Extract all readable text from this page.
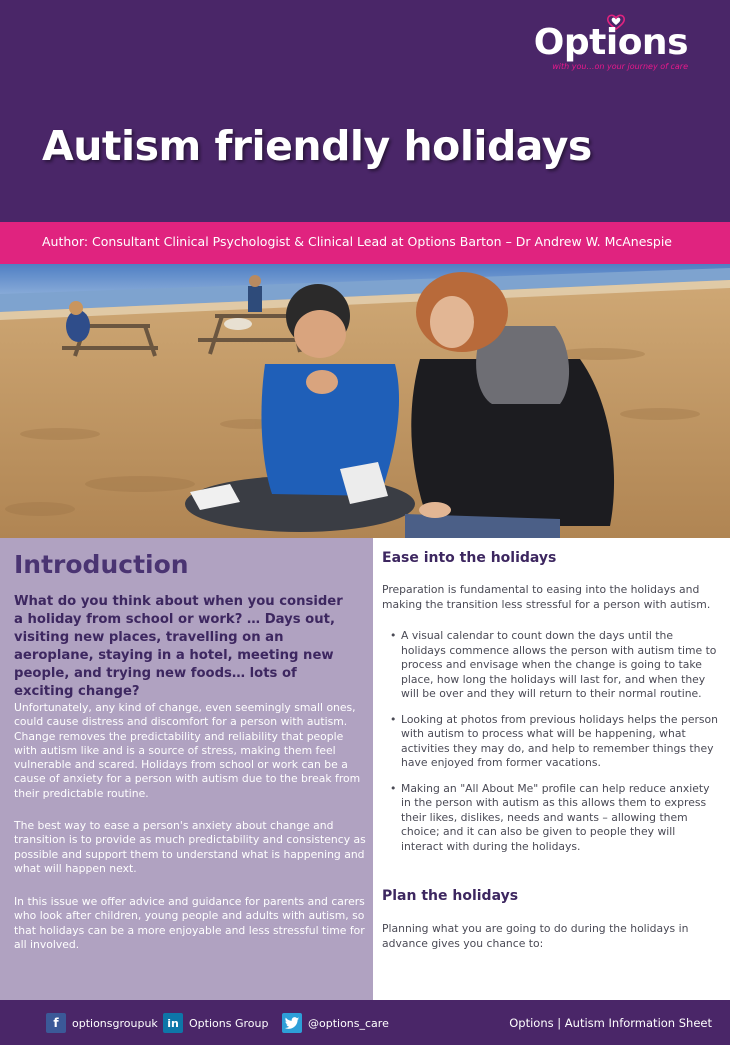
Options
with you…on your journey of care
Autism friendly holidays
Author: Consultant Clinical Psychologist & Clinical Lead at Options Barton – Dr Andrew W. McAnespie
Introduction

What do you think about when you consider a holiday from school or work? … Days out, visiting new places, travelling on an aeroplane, staying in a hotel, meeting new people, and trying new foods… lots of exciting change?

Unfortunately, any kind of change, even seemingly small ones, could cause distress and discomfort for a person with autism. Change removes the predictability and reliability that people with autism like and is a source of stress, making them feel vulnerable and scared. Holidays from school or work can be a cause of anxiety for a person with autism due to the break from their predictable routine.

The best way to ease a person's anxiety about change and transition is to provide as much predictability and consistency as possible and support them to understand what is happening and what will happen next.

In this issue we offer advice and guidance for parents and carers who look after children, young people and adults with autism, so that holidays can be a more enjoyable and less stressful time for all involved.

Ease into the holidays

Preparation is fundamental to easing into the holidays and making the transition less stressful for a person with autism.

• A visual calendar to count down the days until the holidays commence allows the person with autism time to process and envisage when the change is going to take place, how long the holidays will last for, and when they will be over and they will return to their normal routine.
• Looking at photos from previous holidays helps the person with autism to process what will be happening, what activities they may do, and help to remember things they have enjoyed from former vacations.
• Making an "All About Me" profile can help reduce anxiety in the person with autism as this allows them to express their likes, dislikes, needs and wants – allowing them choice; and it can also be given to people they will interact with during the holidays.
Plan the holidays

Planning what you are going to do during the holidays in advance gives you chance to:

f	optionsgroupuk in Options Group	@options_care	Options | Autism Information Sheet
